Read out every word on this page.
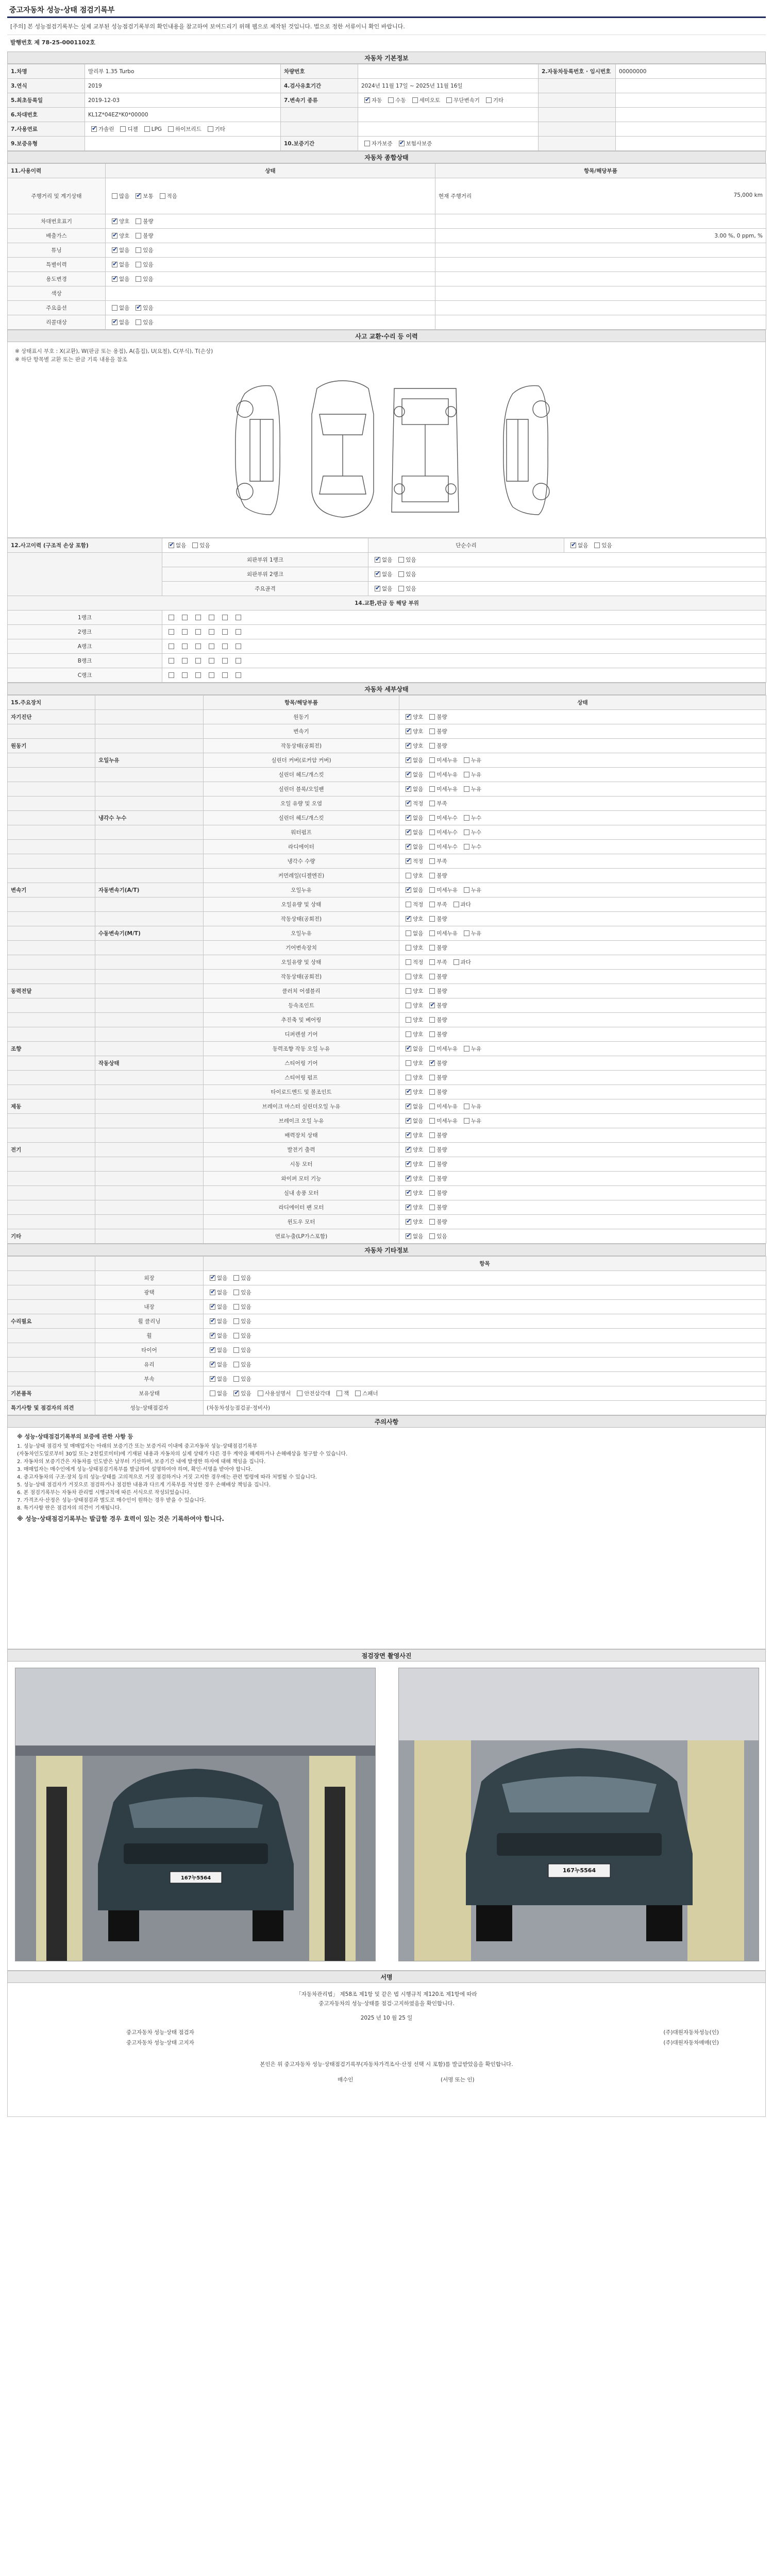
중고자동차 성능·상태 점검기록부
[주의] 본 성능점검기록부는 실제 교부된 성능점검기록부의 확인내용을 참고하여 보여드리기 위해 웹으로 제작된 것입니다. 법으로 정한 서류이니 확인 바랍니다.
발행번호 제 78-25-0001102호
자동차 기본정보
1.차명	말리부 1.35 Turbo	차량번호		2.자동차등록번호 · 임시번호	00000000
3.연식	2019	4.검사유효기간	2024년 11월 17일 ~ 2025년 11월 16일		
5.최초등록일	2019-12-03	7.변속기 종류	✔자동 수동 세미오토 무단변속기 기타		
6.차대번호	KL1Z*04EZ*K0*00000				
7.사용연료	✔가솔린 디젤 LPG 하이브리드 기타				
9.보증유형		10.보증기간	자가보증 ✔ 보험사보증		
자동차 종합상태
11.사용이력	상태	항목/해당부품
주행거리 및 계기상태	많음 ✔ 보통 적음	현재 주행거리 75,000 km

차대번호표기	✔양호 불량	
배출가스	✔양호 불량	3.00 %, 0 ppm, %
튜닝	✔없음 있음	
특별이력	✔없음 있음	
용도변경	✔없음 있음	
색상		
주요옵션	없음 ✔ 있음	
리콜대상	✔없음 있음	
사고 교환·수리 등 이력
※ 상태표시 부호 : X(교환), W(판금 또는 용접), A(흠집), U(요철), C(부식), T(손상)
※ 하단 항목별 교환 또는 판금 기록 내용을 참조
12.사고이력 (구조적 손상 포함)	✔없음 있음	단순수리	✔없음 있음
	외판부위 1랭크	✔없음 있음
	외판부위 2랭크	✔없음 있음
	주요골격	✔없음 있음
14.교환,판금 등 해당 부위			
1랭크			
2랭크			
A랭크			
B랭크			
C랭크			
자동차 세부상태
15.주요장치		항목/해당부품	상태
자기진단		원동기	✔양호 불량
		변속기	✔양호 불량
원동기		작동상태(공회전)	✔양호 불량
	오일누유	실린더 커버(로커암 커버)	✔없음 미세누유 누유
		실린더 헤드/개스킷	✔없음 미세누유 누유
		실린더 블록/오일팬	✔없음 미세누유 누유
		오일 유량 및 오염	✔적정 부족
	냉각수 누수	실린더 헤드/개스킷	✔없음 미세누수 누수
		워터펌프	✔없음 미세누수 누수
		라디에이터	✔없음 미세누수 누수
		냉각수 수량	✔적정 부족
		커먼레일(디젤엔진)	양호 불량
변속기	자동변속기(A/T)	오일누유	✔없음 미세누유 누유
		오일유량 및 상태	적정 부족 과다
		작동상태(공회전)	✔양호 불량
	수동변속기(M/T)	오일누유	없음 미세누유 누유
		기어변속장치	양호 불량
		오일유량 및 상태	적정 부족 과다
		작동상태(공회전)	양호 불량
동력전달		클러치 어셈블리	양호 불량
		등속조인트	양호 ✔ 불량
		추진축 및 베어링	양호 불량
		디퍼렌셜 기어	양호 불량
조향		동력조향 작동 오일 누유	✔없음 미세누유 누유
	작동상태	스티어링 기어	양호 ✔ 불량
		스티어링 펌프	양호 불량
		타이로드엔드 및 볼조인트	✔양호 불량
제동		브레이크 마스터 실린더오일 누유	✔없음 미세누유 누유
		브레이크 오일 누유	✔없음 미세누유 누유
		배력장치 상태	✔양호 불량
전기		발전기 출력	✔양호 불량
		시동 모터	✔양호 불량
		와이퍼 모터 기능	✔양호 불량
		실내 송풍 모터	✔양호 불량
		라디에이터 팬 모터	✔양호 불량
		윈도우 모터	✔양호 불량
기타		연료누출(LP가스포함)	✔없음 있음
자동차 기타정보
		항목
	외장	✔없음 있음
	광택	✔없음 있음
	내장	✔없음 있음
수리필요	휠 클리닝	✔없음 있음
	휠	✔없음 있음
	타이어	✔없음 있음
	유리	✔없음 있음
	부속	✔없음 있음
기본품목	보유상태	없음 ✔ 있음 사용설명서 안전삼각대 잭 스패너
특기사항 및 점검자의 의견	성능·상태점검자	(차동차성능점검공·정비사)
주의사항
※ 성능·상태점검기록부의 보증에 관한 사항 등
1. 성능·상태 점검자 및 매매업자는 아래의 보증기간 또는 보증거리 이내에 중고자동차 성능·상태점검기록부
(자동차인도일로부터 30일 또는 2천킬로미터)에 기재된 내용과 자동차의 실제 상태가 다른 경우 계약을 해제하거나 손해배상을 청구할 수 있습니다.
2. 자동차의 보증기간은 자동차를 인도받은 날부터 기산하며, 보증기간 내에 발생한 하자에 대해 책임을 집니다.
3. 매매업자는 매수인에게 성능·상태점검기록부를 발급하여 설명하여야 하며, 확인·서명을 받아야 합니다.
4. 중고자동차의 구조·장치 등의 성능·상태를 고의적으로 거짓 점검하거나 거짓 고지한 경우에는 관련 법령에 따라 처벌될 수 있습니다.
5. 성능·상태 점검자가 거짓으로 점검하거나 점검한 내용과 다르게 기록부를 작성한 경우 손해배상 책임을 집니다.
6. 본 점검기록부는 자동차 관리법 시행규칙에 따른 서식으로 작성되었습니다.
7. 가격조사·산정은 성능·상태점검과 별도로 매수인이 원하는 경우 받을 수 있습니다.
8. 특기사항 란은 점검자의 의견이 기재됩니다.
※ 성능·상태점검기록부는 발급할 경우 효력이 있는 것은 기록하여야 합니다.
점검장면 촬영사진
167누5564
167누5564
서명
「자동차관리법」 제58조 제1항 및 같은 법 시행규칙 제120조 제1항에 따라
중고자동차의 성능·상태를 점검·고지하였음을 확인합니다.
2025 년 10 월 25 일
중고자동차 성능·상태 점검자	(주)대원자동차성능(인)
중고자동차 성능·상태 고지자	(주)대원자동차매매(인)
본인은 위 중고자동차 성능·상태점검기록부(자동차가격조사·산정 선택 시 포함)를 발급받았음을 확인합니다.
매수인	(서명 또는 인)
